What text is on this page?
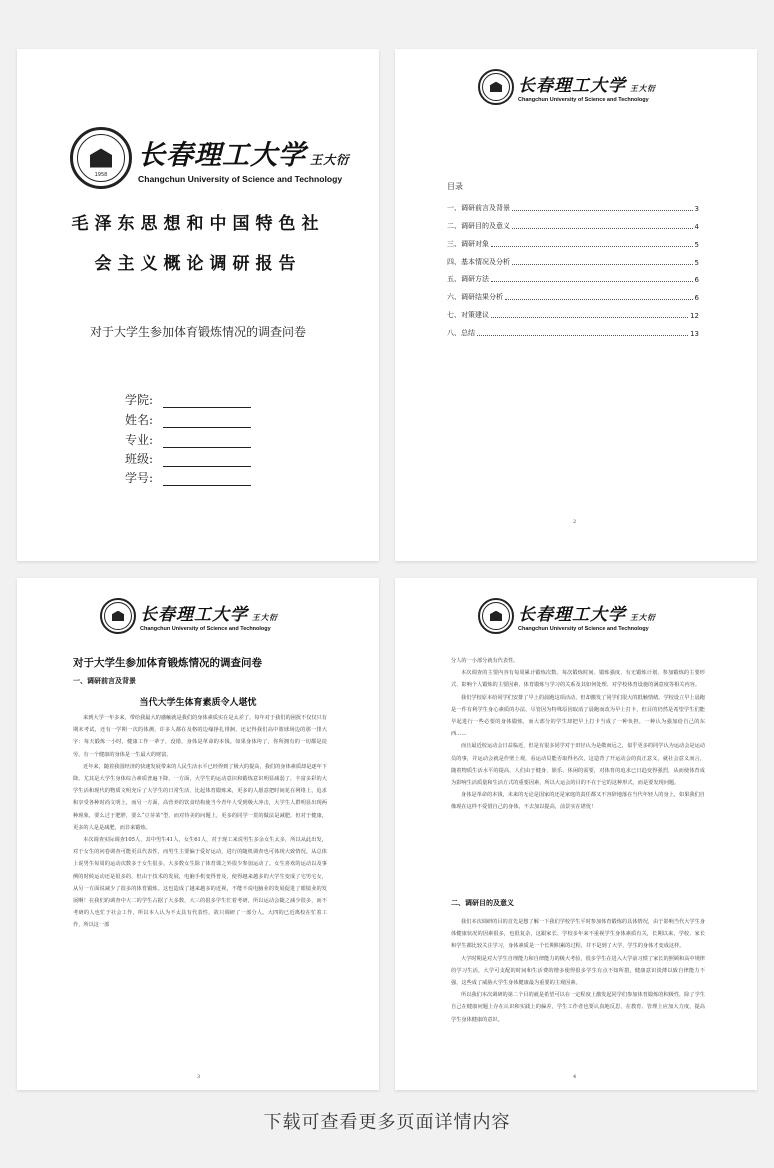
1958
长春理工大学 王大衍
Changchun University of Science and Technology
毛泽东思想和中国特色社
会主义概论调研报告
对于大学生参加体育锻炼情况的调查问卷
学院:
姓名:
专业:
班级:
学号:
长春理工大学 王大衍
Changchun University of Science and Technology
目录
一、调研前言及背景	3
二、调研目的及意义	4
三、调研对象	5
四、基本情况及分析	5
五、调研方法	6
六、调研结果分析	6
七、对策建议	12
八、总结	13
2
长春理工大学 王大衍
Changchun University of Science and Technology
对于大学生参加体育锻炼情况的调查问卷
一、调研前言及背景
当代大学生体育素质令人堪忧

来到大学一年多来，带给我最大的感触就是我们的身体素质实在是太差了。每年对于我们的困扰不仅仅只有期末考试，还有一学期一次的体测，许多人都在及格的边缘挣扎徘徊，还记得我们高中篮球场边的那一排大字：每天锻炼一小时，健康工作一辈子，没错，身体是革命的本钱。如果身体垮了，你所拥有的一切都是徒劳，有一个健康的身体是一生最大的财富。

近年来，随着我国经济的快速发展带来的人民生活水平已经得到了极大的提高，我们的身体素质却是逐年下降。尤其是大学生身体综合素质普遍下降，一方面，大学生的运动意识和锻炼意识明显减弱了，丰富多彩的大学生活和现代的物质文明充斥了大学生的日常生活，比起体育锻炼来，更多的人愿意把时间花在网络上，追求和享受各种时尚文明上，而另一方面，高营养的饮食结构使当今青年人受到极大冲击，大学生人群明显出现两种现象，要么过于肥胖，要么“豆芽菜”型，而对待美的问题上，更多的同学一贯的做法是减肥，但对于健康，更多的人是是减肥，而非来锻炼。

本次调查实际调查105人，其中男生41人，女生61人，对于现工来说男生多余女生太多，所以从此出发，对于女生的问卷调查可能更具代表性，而男生主要偏于爱好运动，进行的随机调查也可体现大致情况。从总体上说男生每周的运动次数多于女生很多。大多数女生除了体育课之外很少参加运动了。女生喜欢的运动以及事例的时候运动还是很多的，但由于技术的发展，电脑手机变得普及，使得越来越多的大学生变成了宅男宅女，从另一方面说减少了很多的体育锻炼。这也造成了越来越多的近视，不能不说电脑业的发展促进了眼镜业的发展啊！在我们的调查中大二的学生占据了大多数，大三的很多学生忙着考研，所以运动会随之减少很多，而不考研的人也忙于社会工作，所以本人认为不太具有代表性，故只调研了一部分人。大四的已近离校在忙着工作，所以这一部

3
长春理工大学 王大衍
Changchun University of Science and Technology

分人的一小部分就有代表性。

本次调查的主要内容有每周累计锻炼次数、每次锻炼时间、锻炼强度、有无锻炼计划、参加锻炼的主要形式、影响个人锻炼的主要因素、体育锻炼与学习的关系及其如何处理、对学校体育设施的满意度等相关内容。

我们学校原本给同学们安排了早上的晨跑这项活动，但却激发了同学们很大的抵触情绪。学校设立早上晨跑是一件有利学生身心素质的办法，尽管因为特殊原因取消了晨跑而改为早上打卡，但目的仍然是希望学生们能早起进行一些必要的身体锻炼，而大部分的学生却把早上打卡当成了一种负担，一种认为强加给自己的东西……

而且最近校运动会日益临近，但是有很多同学对于田径认为是敬而远之，似乎更多的同学认为运动会是运动员的事，并运动会就是作壁上观，看运动员能否取得名次，这造背了开运动会的真正意义，就社会意义而言，随着物质生活水平的提高，人们由于健身、娱乐、休闲的需要，对体育的追求已日趋变得强烈，从而使体育成为影响生活质量和生活方式的重要因素，所以大运会的目的不在于它的这种形式，而是要发现问题。

身体是革命的本钱，未来的无论是国家的还是家庭的责任都又不容辞地落在当代年轻人的身上，如果我们自像现在这样不爱惜自己的身体，不去加以提高，前景实在堪忧！

二、调研目的及意义

我们本次调研的目的首先是想了解一下我们学校学生平时参加体育锻炼的具体情况，由于影响当代大学生身体健康状况的因素很多，也很复杂，这跟家长、学校多年来不重视学生身体素质有关，长期以来，学校、家长和学生都比较关注学习，身体素质是一个长期积累的过程，并不是到了大学，学生的身体才变成这样。

大学时期是对大学生自理能力和自律能力的极大考验，很多学生在进入大学前习惯了家长的照顾和高中规律的学习生活，大学可支配的时间和生活费的增多使得很多学生有点不知所措，健康意识淡薄以致自律能力不强，这些成了威胁大学生身体健康最为重要的主观因素。

所以我们本次调研的第二个目的就是希望可以在一定程度上激发起同学们参加体育锻炼的积极性，除了学生自己在健康问题上存在认识和实践上的偏差，学生工作者也要认真地反思，在教育、管理上应加大力度，提高学生身体健康的意识。

4
下载可查看更多页面详情内容
